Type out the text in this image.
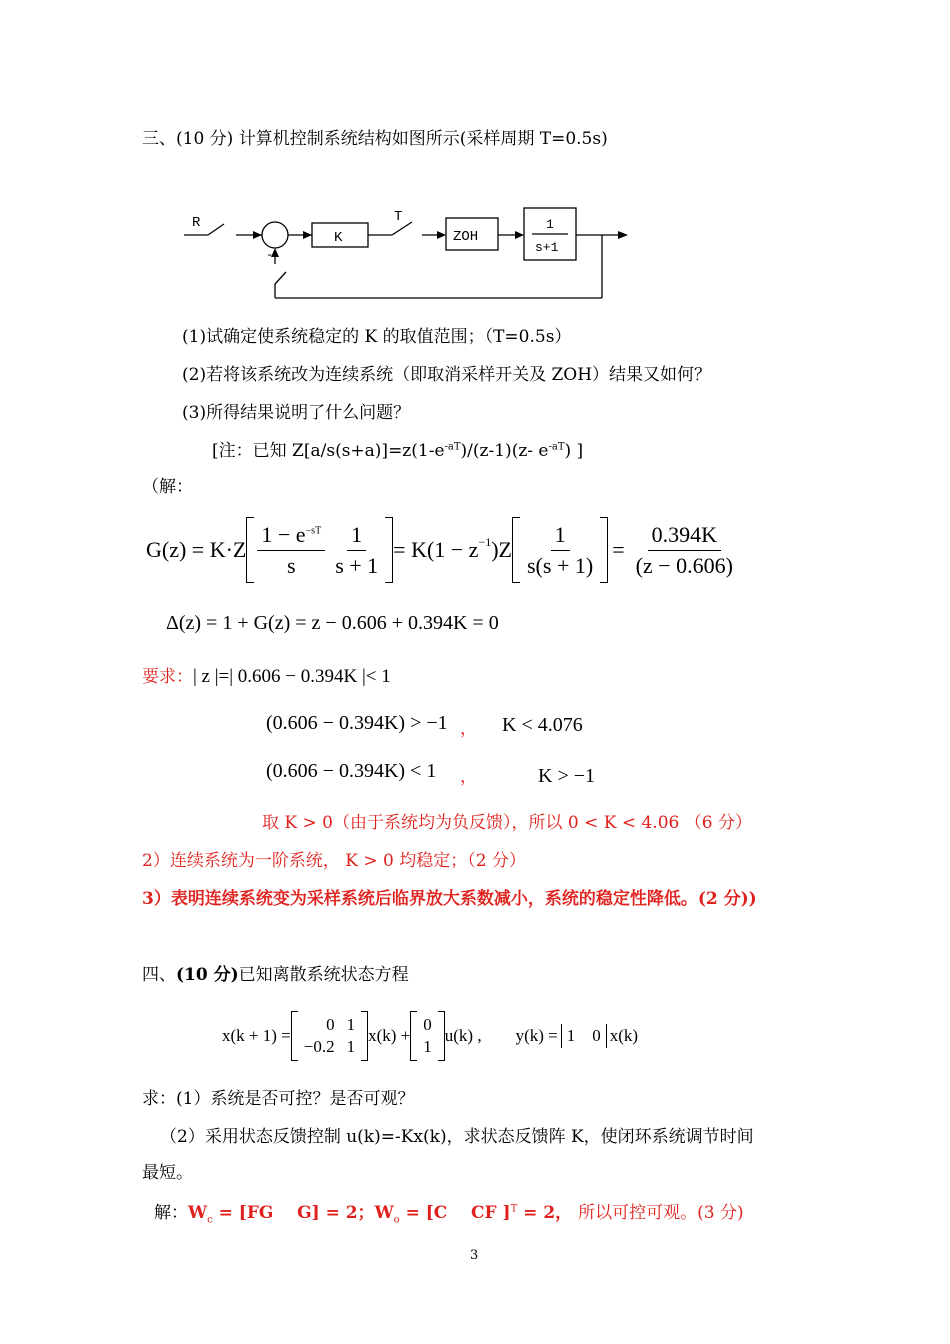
三、(10 分) 计算机控制系统结构如图所示(采样周期 T=0.5s)
R
K
T
ZOH
1
s+1
-
(1)试确定使系统稳定的 K 的取值范围；（T=0.5s）
(2)若将该系统改为连续系统（即取消采样开关及 ZOH）结果又如何？
(3)所得结果说明了什么问题？
[注：已知 $Z[a/s(s+a)]=z(1-e^{-aT})/(z-1)(z-$ $e^{-aT}$) ]
（解：
$G(z) = K\cdot Z \frac{1 - e^{-sT}}{s} \frac{1}{s + 1} = K(1 - z^{-1}$ )$Z \frac{1}{s(s + 1)} = \frac{0.394K}{(z - 0.606)}$
Δ(z) = 1 + G(z) = z − 0.606 + 0.394K = 0
要求：| z |=| 0.606 − 0.394K |< 1
(0.606 − 0.394K) > −1 ， K < 4.076
(0.606 − 0.394K) < 1 ，	K > −1
取 K > 0（由于系统均为负反馈），所以 0 < K < 4.06 （6 分）
2）连续系统为一阶系统， K > 0 均稳定；（2 分）
3）表明连续系统变为采样系统后临界放大系数减小，系统的稳定性降低。(2 分))
四、(10 分)已知离散系统状态方程
x(k + 1) =
0	1
−0.2	1
x(k) +
0
1
u(k) , y(k) = 1    0 x(k)
求：(1）系统是否可控？是否可观？
（2）采用状态反馈控制 u(k)=-Kx(k)，求状态反馈阵 K，使闭环系统调节时间
最短。
解：$W_c = [FG$    G] = 2；$W_o = [C$    CF ]$^T$ = 2， 所以可控可观。(3 分)
3
